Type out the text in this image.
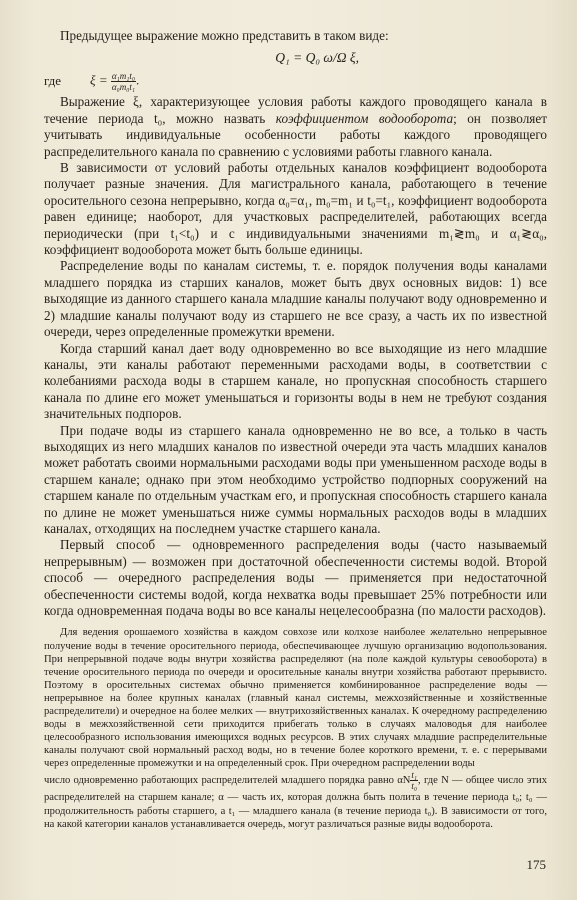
Предыдущее выражение можно представить в таком виде:

Q₁ = Q₀ ω/Ω ξ,
где	$\xi = \frac{\text{α₁m₁t₀}}{\text{α₀m₀t₁}}$ .

Выражение ξ, характеризующее условия работы каждого проводящего канала в течение периода t₀, можно назвать коэффициентом водооборота; он позволяет учитывать индивидуальные особенности работы каждого проводящего распределительного канала по сравнению с условиями работы главного канала.

В зависимости от условий работы отдельных каналов коэффициент водооборота получает разные значения. Для магистрального канала, работающего в течение оросительного сезона непрерывно, когда α₀=α₁, m₀=m₁ и t₀=t₁, коэффициент водооборота равен единице; наоборот, для участковых распределителей, работающих всегда периодически (при t₁<t₀) и с индивидуальными значениями m₁≷m₀ и α₁≷α₀, коэффициент водооборота может быть больше единицы.

Распределение воды по каналам системы, т. е. порядок получения воды каналами младшего порядка из старших каналов, может быть двух основных видов: 1) все выходящие из данного старшего канала младшие каналы получают воду одновременно и 2) младшие каналы получают воду из старшего не все сразу, а часть их по известной очереди, через определенные промежутки времени.

Когда старший канал дает воду одновременно во все выходящие из него младшие каналы, эти каналы работают переменными расходами воды, в соответствии с колебаниями расхода воды в старшем канале, но пропускная способность старшего канала по длине его может уменьшаться и горизонты воды в нем не требуют создания значительных подпоров.

При подаче воды из старшего канала одновременно не во все, а только в часть выходящих из него младших каналов по известной очереди эта часть младших каналов может работать своими нормальными расходами воды при уменьшенном расходе воды в старшем канале; однако при этом необходимо устройство подпорных сооружений на старшем канале по отдельным участкам его, и пропускная способность старшего канала по длине не может уменьшаться ниже суммы нормальных расходов воды в младших каналах, отходящих на последнем участке старшего канала.

Первый способ — одновременного распределения воды (часто называемый непрерывным) — возможен при достаточной обеспеченности системы водой. Второй способ — очередного распределения воды — применяется при недостаточной обеспеченности системы водой, когда нехватка воды превышает 25% потребности или когда одновременная подача воды во все каналы нецелесообразна (по малости расходов).

Для ведения орошаемого хозяйства в каждом совхозе или колхозе наиболее желательно непрерывное получение воды в течение оросительного периода, обеспечивающее лучшую организацию водопользования. При непрерывной подаче воды внутри хозяйства распределяют (на поле каждой культуры севооборота) в течение оросительного периода по очереди и оросительные каналы внутри хозяйства работают прерывисто. Поэтому в оросительных системах обычно применяется комбинированное распределение воды — непрерывное на более крупных каналах (главный канал системы, межхозяйственные и хозяйственные распределители) и очередное на более мелких — внутрихозяйственных каналах. К очередному распределению воды в межхозяйственной сети приходится прибегать только в случаях маловодья для наиболее целесообразного использования имеющихся водных ресурсов. В этих случаях младшие распределительные каналы получают свой нормальный расход воды, но в течение более короткого времени, т. е. с перерывами через определенные промежутки и на определенный срок. При очередном распределении воды

число одновременно работающих распределителей младшего порядка равно αN $\frac{\text{t₁}}{\text{t₀}}$ , где N — общее число этих распределителей на старшем канале; α — часть их, которая должна быть полита в течение периода t₀; t₀ — продолжительность работы старшего, а t₁ — младшего канала (в течение периода t₀). В зависимости от того, на какой категории каналов устанавливается очередь, могут различаться разные виды водооборота.

175
